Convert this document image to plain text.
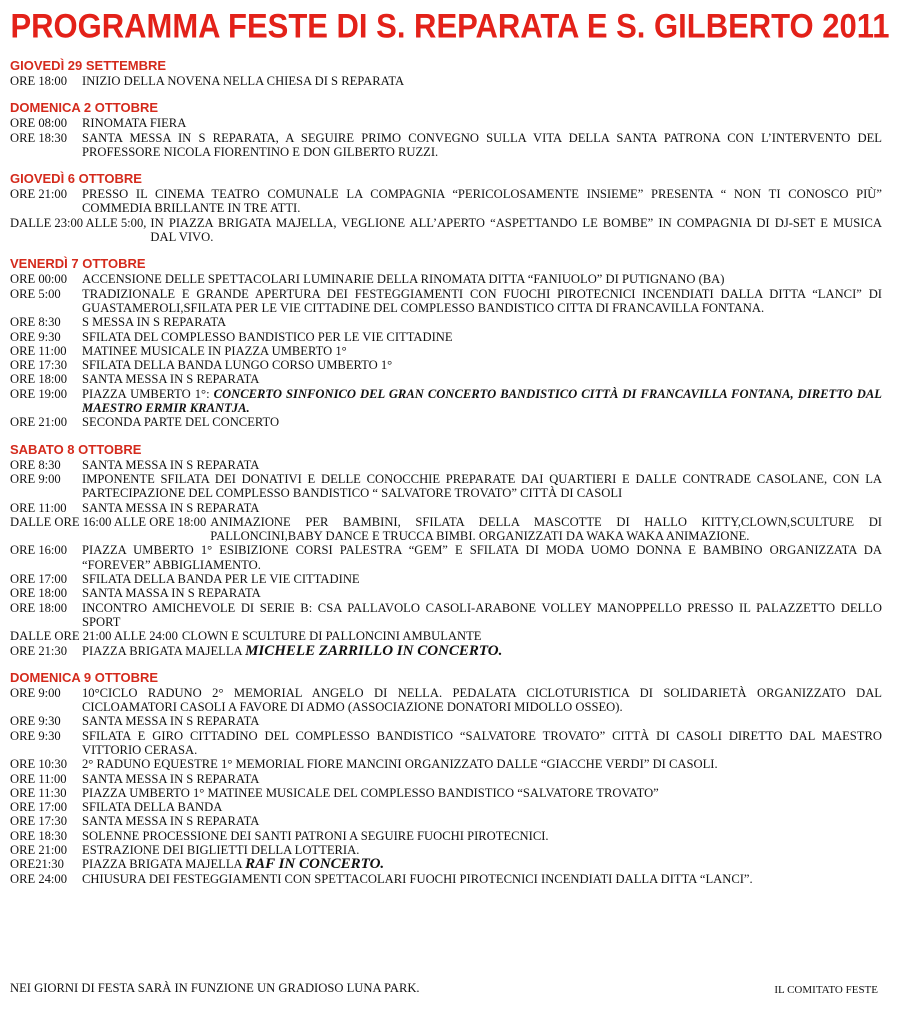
PROGRAMMA FESTE DI S. REPARATA E S. GILBERTO 2011
GIOVEDÌ 29 SETTEMBRE
ORE 18:00	INIZIO DELLA NOVENA NELLA CHIESA DI S REPARATA
DOMENICA 2 OTTOBRE
ORE 08:00	RINOMATA FIERA
ORE 18:30	SANTA MESSA IN S REPARATA, A SEGUIRE PRIMO CONVEGNO SULLA VITA DELLA SANTA PATRONA CON L’INTERVENTO DEL PROFESSORE NICOLA FIORENTINO E DON GILBERTO RUZZI.
GIOVEDÌ 6 OTTOBRE
ORE 21:00	PRESSO IL CINEMA TEATRO COMUNALE LA COMPAGNIA “PERICOLOSAMENTE INSIEME” PRESENTA “ NON TI CONOSCO PIÙ” COMMEDIA BRILLANTE IN TRE ATTI.
DALLE 23:00 ALLE 5:00, IN PIAZZA BRIGATA MAJELLA, VEGLIONE ALL’APERTO “ASPETTANDO LE BOMBE” IN COMPAGNIA DI DJ-SET E MUSICA DAL VIVO.
VENERDÌ 7 OTTOBRE
ORE 00:00	ACCENSIONE DELLE SPETTACOLARI LUMINARIE DELLA RINOMATA DITTA “FANIUOLO” DI PUTIGNANO (BA)
ORE 5:00	TRADIZIONALE E GRANDE APERTURA DEI FESTEGGIAMENTI CON FUOCHI PIROTECNICI INCENDIATI DALLA DITTA “LANCI” DI GUASTAMEROLI,SFILATA PER LE VIE CITTADINE DEL COMPLESSO BANDISTICO CITTA DI FRANCAVILLA FONTANA.
ORE 8:30	S MESSA IN S REPARATA
ORE 9:30	SFILATA DEL COMPLESSO BANDISTICO PER LE VIE CITTADINE
ORE 11:00	MATINEE MUSICALE IN PIAZZA UMBERTO 1°
ORE 17:30	SFILATA DELLA BANDA LUNGO CORSO UMBERTO 1°
ORE 18:00	SANTA MESSA IN S REPARATA
ORE 19:00	PIAZZA UMBERTO 1°: CONCERTO SINFONICO DEL GRAN CONCERTO BANDISTICO CITTÀ DI FRANCAVILLA FONTANA, DIRETTO DAL MAESTRO ERMIR KRANTJA.
ORE 21:00	SECONDA PARTE DEL CONCERTO
SABATO 8 OTTOBRE
ORE 8:30	SANTA MESSA IN S REPARATA
ORE 9:00	IMPONENTE SFILATA DEI DONATIVI E DELLE CONOCCHIE PREPARATE DAI QUARTIERI E DALLE CONTRADE CASOLANE, CON LA PARTECIPAZIONE DEL COMPLESSO BANDISTICO “ SALVATORE TROVATO” CITTÀ DI CASOLI
ORE 11:00	SANTA MESSA IN S REPARATA
DALLE ORE 16:00 ALLE ORE 18:00 ANIMAZIONE PER BAMBINI, SFILATA DELLA MASCOTTE DI HALLO KITTY,CLOWN,SCULTURE DI PALLONCINI,BABY DANCE E TRUCCA BIMBI. ORGANIZZATI DA WAKA WAKA ANIMAZIONE.
ORE 16:00	PIAZZA UMBERTO 1° ESIBIZIONE CORSI PALESTRA “GEM” E SFILATA DI MODA UOMO DONNA E BAMBINO ORGANIZZATA DA “FOREVER” ABBIGLIAMENTO.
ORE 17:00	SFILATA DELLA BANDA PER LE VIE CITTADINE
ORE 18:00	SANTA MASSA IN S REPARATA
ORE 18:00	INCONTRO AMICHEVOLE DI SERIE B: CSA PALLAVOLO CASOLI-ARABONE VOLLEY MANOPPELLO PRESSO IL PALAZZETTO DELLO SPORT
DALLE ORE 21:00 ALLE 24:00 CLOWN E SCULTURE DI PALLONCINI AMBULANTE
ORE 21:30	PIAZZA BRIGATA MAJELLA MICHELE ZARRILLO IN CONCERTO.
DOMENICA 9 OTTOBRE
ORE 9:00	10°CICLO RADUNO 2° MEMORIAL ANGELO DI NELLA. PEDALATA CICLOTURISTICA DI SOLIDARIETÀ ORGANIZZATO DAL CICLOAMATORI CASOLI A FAVORE DI ADMO (ASSOCIAZIONE DONATORI MIDOLLO OSSEO).
ORE 9:30	SANTA MESSA IN S REPARATA
ORE 9:30	SFILATA E GIRO CITTADINO DEL COMPLESSO BANDISTICO “SALVATORE TROVATO” CITTÀ DI CASOLI DIRETTO DAL MAESTRO VITTORIO CERASA.
ORE 10:30	2° RADUNO EQUESTRE 1° MEMORIAL FIORE MANCINI ORGANIZZATO DALLE “GIACCHE VERDI” DI CASOLI.
ORE 11:00	SANTA MESSA IN S REPARATA
ORE 11:30	PIAZZA UMBERTO 1° MATINEE MUSICALE DEL COMPLESSO BANDISTICO “SALVATORE TROVATO”
ORE 17:00	SFILATA DELLA BANDA
ORE 17:30	SANTA MESSA IN S REPARATA
ORE 18:30	SOLENNE PROCESSIONE DEI SANTI PATRONI A SEGUIRE FUOCHI PIROTECNICI.
ORE 21:00	ESTRAZIONE DEI BIGLIETTI DELLA LOTTERIA.
ORE21:30	PIAZZA BRIGATA MAJELLA RAF IN CONCERTO.
ORE 24:00	CHIUSURA DEI FESTEGGIAMENTI CON SPETTACOLARI FUOCHI PIROTECNICI INCENDIATI DALLA DITTA “LANCI”.
NEI GIORNI DI FESTA SARÀ IN FUNZIONE UN GRADIOSO LUNA PARK.	IL COMITATO FESTE
